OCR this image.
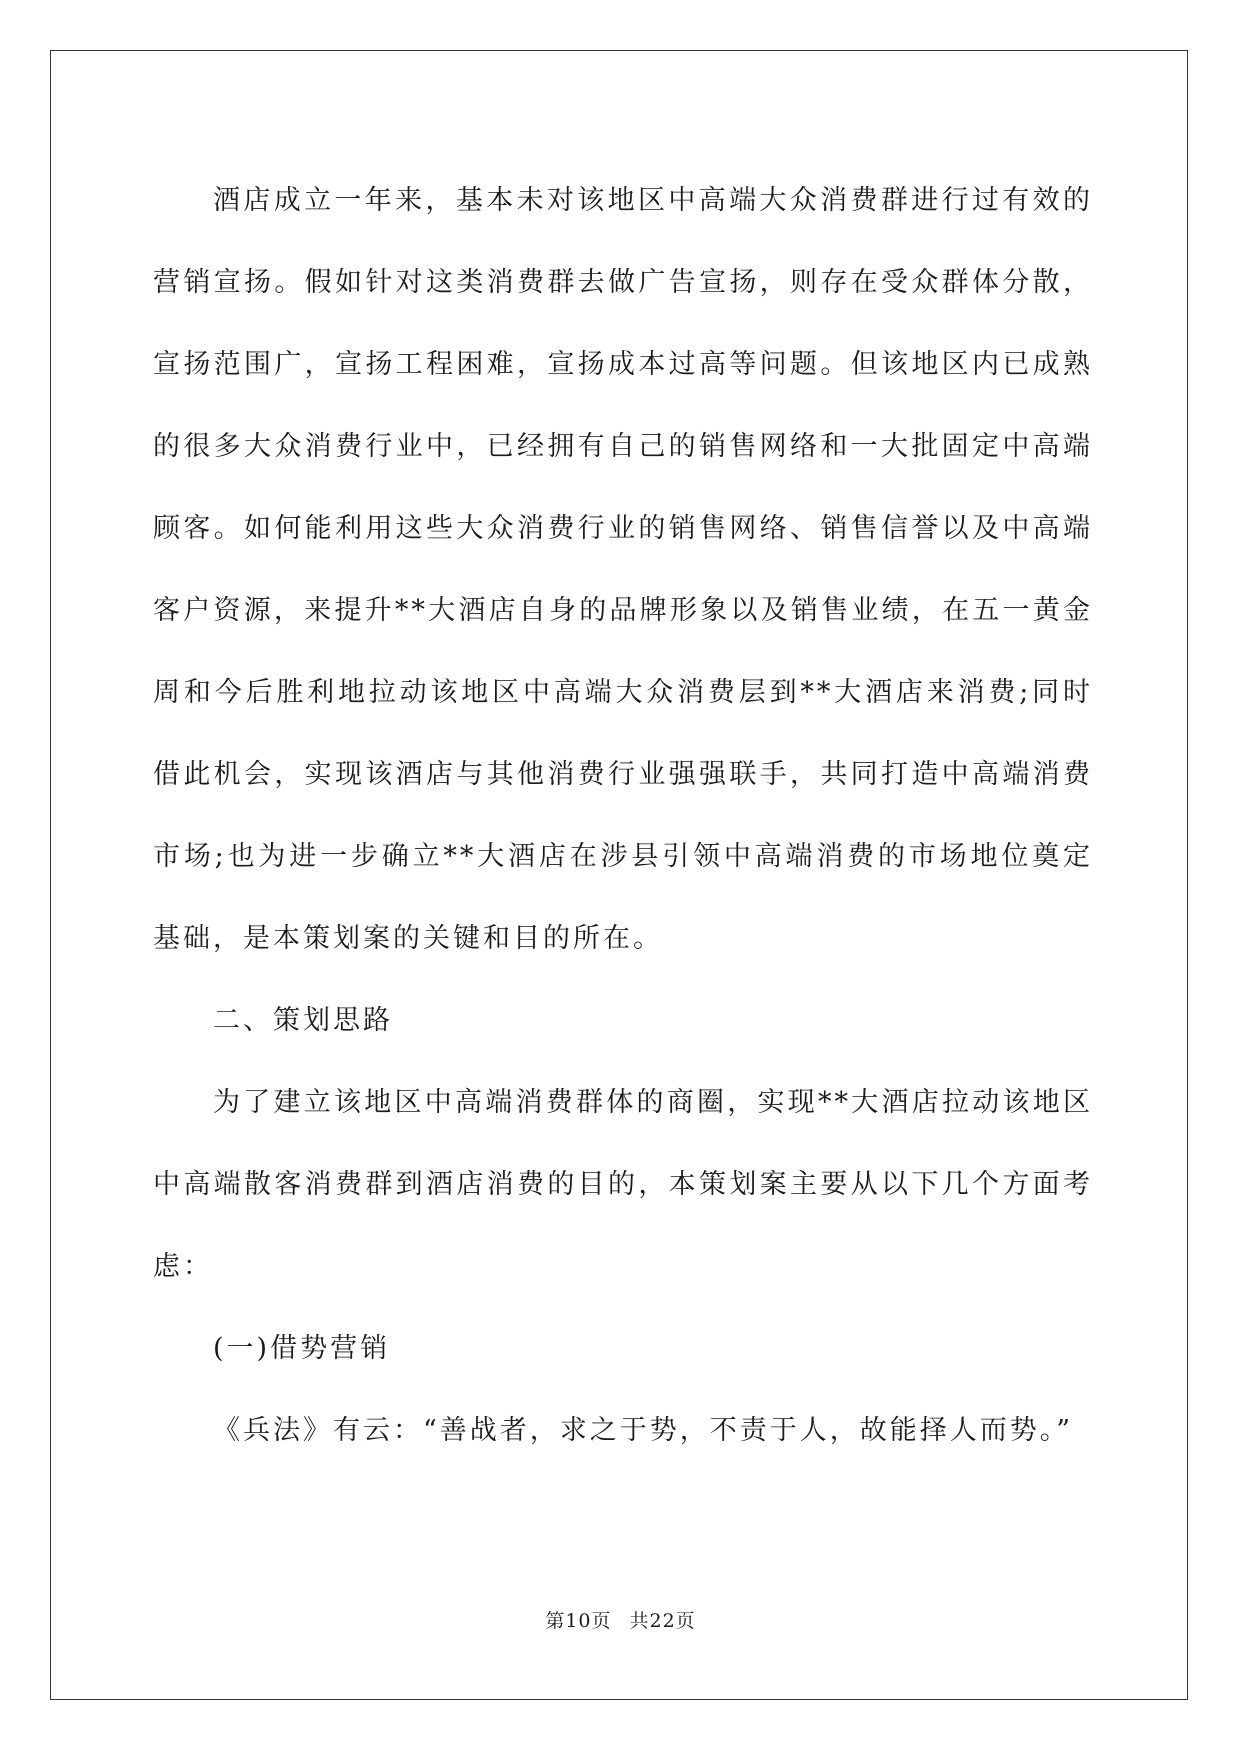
酒店成立一年来，基本未对该地区中高端大众消费群进行过有效的营销宣扬。假如针对这类消费群去做广告宣扬，则存在受众群体分散，宣扬范围广，宣扬工程困难，宣扬成本过高等问题。但该地区内已成熟的很多大众消费行业中，已经拥有自己的销售网络和一大批固定中高端顾客。如何能利用这些大众消费行业的销售网络、销售信誉以及中高端客户资源，来提升**大酒店自身的品牌形象以及销售业绩，在五一黄金周和今后胜利地拉动该地区中高端大众消费层到**大酒店来消费;同时借此机会，实现该酒店与其他消费行业强强联手，共同打造中高端消费市场;也为进一步确立**大酒店在涉县引领中高端消费的市场地位奠定基础，是本策划案的关键和目的所在。

二、策划思路

为了建立该地区中高端消费群体的商圈，实现**大酒店拉动该地区中高端散客消费群到酒店消费的目的，本策划案主要从以下几个方面考虑：

(一)借势营销

《兵法》有云：“善战者，求之于势，不责于人，故能择人而势。”

第10页 共22页
